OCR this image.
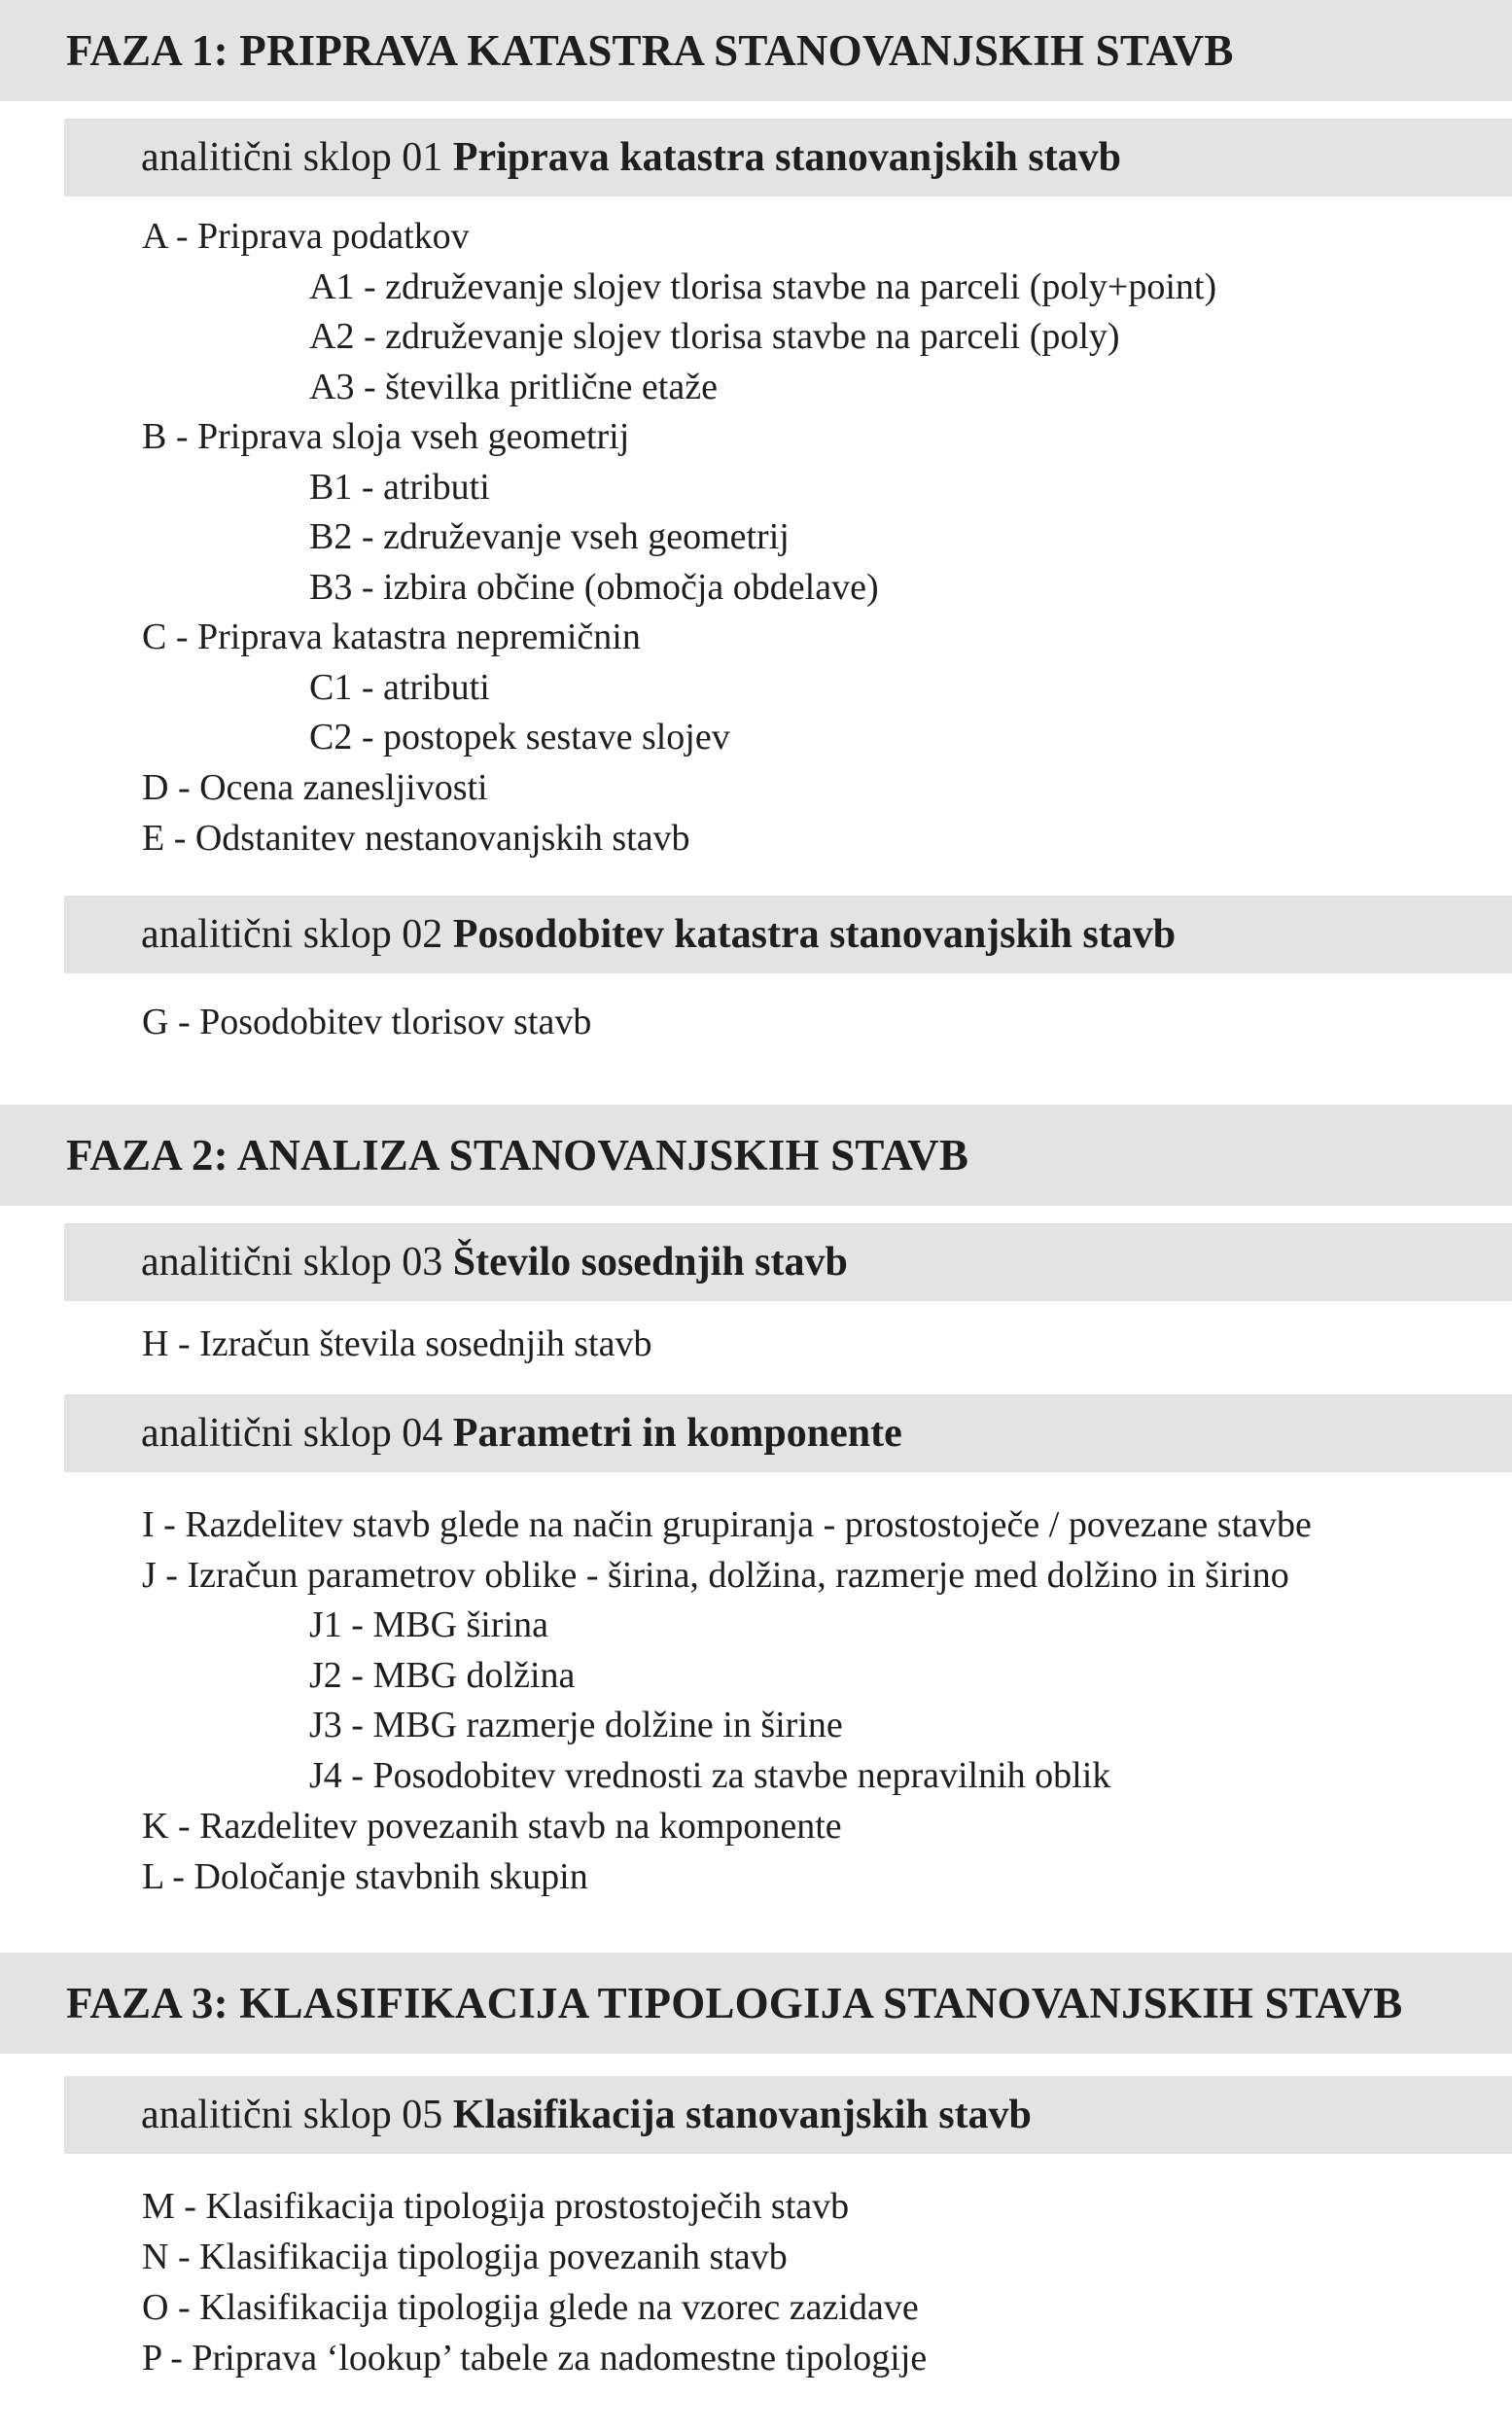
FAZA 1: PRIPRAVA KATASTRA STANOVANJSKIH STAVB
analitični sklop 01 Priprava katastra stanovanjskih stavb
A - Priprava podatkov
A1 - združevanje slojev tlorisa stavbe na parceli (poly+point)
A2 - združevanje slojev tlorisa stavbe na parceli (poly)
A3 - številka pritlične etaže
B - Priprava sloja vseh geometrij
B1 - atributi
B2 - združevanje vseh geometrij
B3 - izbira občine (območja obdelave)
C - Priprava katastra nepremičnin
C1 - atributi
C2 - postopek sestave slojev
D - Ocena zanesljivosti
E - Odstanitev nestanovanjskih stavb
analitični sklop 02 Posodobitev katastra stanovanjskih stavb
G - Posodobitev tlorisov stavb
FAZA 2: ANALIZA STANOVANJSKIH STAVB
analitični sklop 03 Število sosednjih stavb
H - Izračun števila sosednjih stavb
analitični sklop 04 Parametri in komponente
I - Razdelitev stavb glede na način grupiranja - prostostoječe / povezane stavbe
J - Izračun parametrov oblike - širina, dolžina, razmerje med dolžino in širino
J1 - MBG širina
J2 - MBG dolžina
J3 - MBG razmerje dolžine in širine
J4 - Posodobitev vrednosti za stavbe nepravilnih oblik
K - Razdelitev povezanih stavb na komponente
L - Določanje stavbnih skupin
FAZA 3: KLASIFIKACIJA TIPOLOGIJA STANOVANJSKIH STAVB
analitični sklop 05 Klasifikacija stanovanjskih stavb
M - Klasifikacija tipologija prostostoječih stavb
N - Klasifikacija tipologija povezanih stavb
O - Klasifikacija tipologija glede na vzorec zazidave
P - Priprava ‘lookup’ tabele za nadomestne tipologije
